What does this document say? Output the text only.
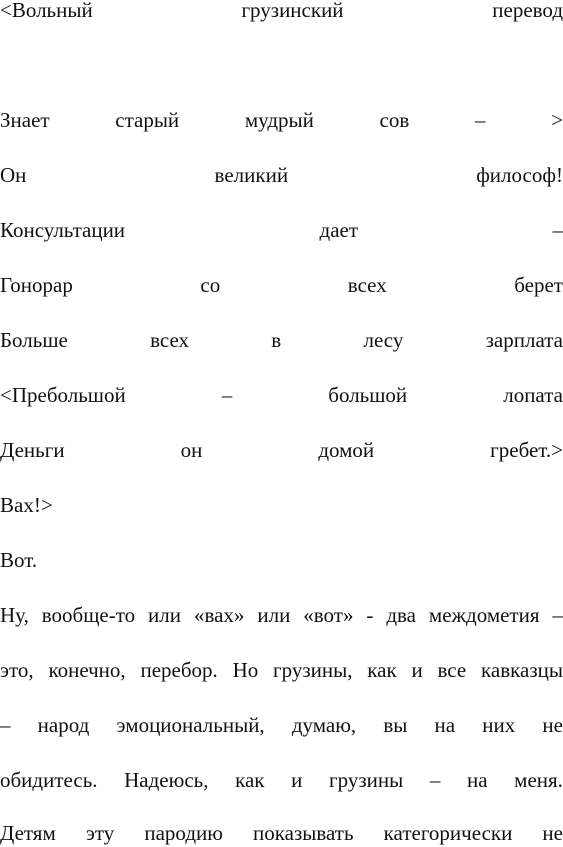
<Вольный	грузинский	перевод
Знает	старый	мудрый	сов	–	>
Он	великий	философ!
Консультации	дает	–
Гонорар	со	всех	берет
Больше	всех	в	лесу	зарплата
<Пребольшой	–	большой	лопата
Деньги	он	домой	гребет.>
Вах!>
Вот.
Ну, вообще-то или «вах» или «вот» - два междометия –
это, конечно, перебор. Но грузины, как и все кавказцы
– народ эмоциональный, думаю, вы на них не
обидитесь. Надеюсь, как и грузины – на меня.
Детям эту пародию показывать категорически не
